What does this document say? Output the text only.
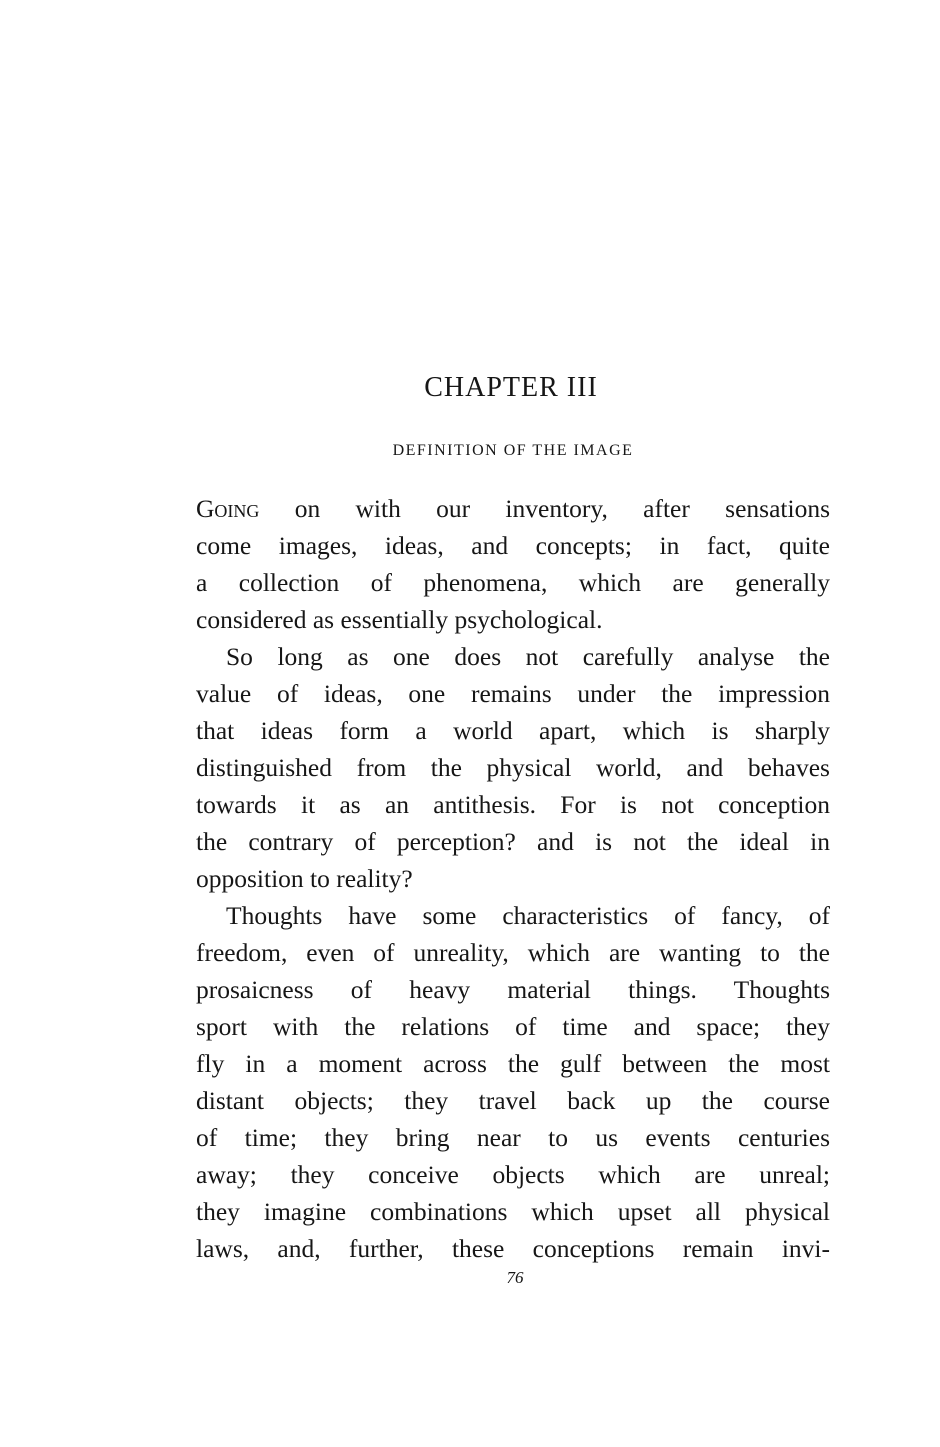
CHAPTER III
DEFINITION OF THE IMAGE
Going on with our inventory, after sensations
come images, ideas, and concepts; in fact, quite
a collection of phenomena, which are generally
considered as essentially psychological.
So long as one does not carefully analyse the
value of ideas, one remains under the impression
that ideas form a world apart, which is sharply
distinguished from the physical world, and behaves
towards it as an antithesis. For is not conception
the contrary of perception? and is not the ideal in
opposition to reality?
Thoughts have some characteristics of fancy, of
freedom, even of unreality, which are wanting to the
prosaicness of heavy material things. Thoughts
sport with the relations of time and space; they
fly in a moment across the gulf between the most
distant objects; they travel back up the course
of time; they bring near to us events centuries
away; they conceive objects which are unreal;
they imagine combinations which upset all physical
laws, and, further, these conceptions remain invi-
76
